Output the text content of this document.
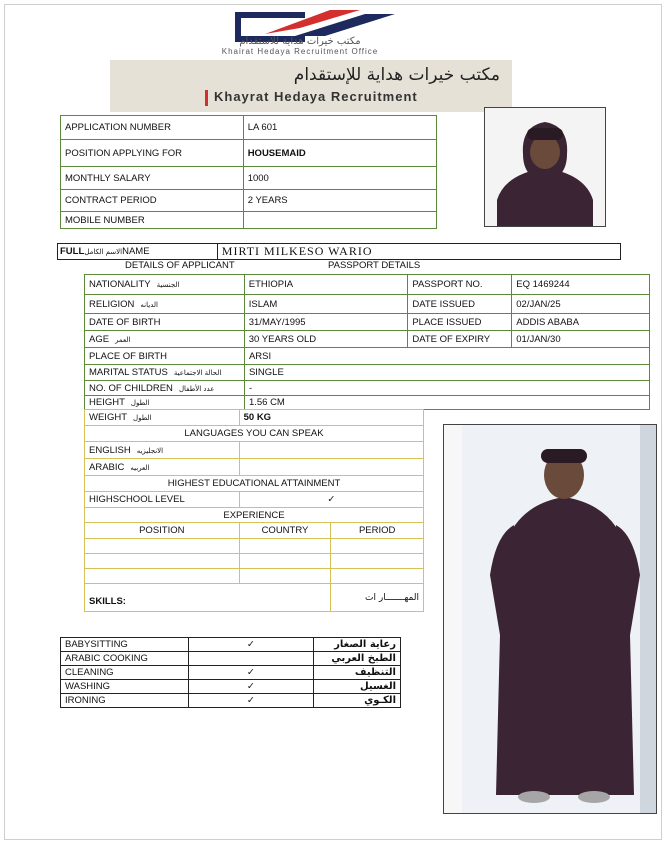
مكتب خيرات هداية للاستقدام
Khairat Hedaya Recruitment Office
مكتب خيرات هداية للإستقدام
Khayrat Hedaya Recruitment
APPLICATION NUMBER	LA 601
POSITION APPLYING FOR	HOUSEMAID
MONTHLY SALARY	1000
CONTRACT PERIOD	2 YEARS
MOBILE NUMBER	
FULLالاسم الكاملNAME	MIRTI MILKESO WARIO
DETAILS OF APPLICANT	PASSPORT DETAILS
NATIONALITY الجنسية	ETHIOPIA	PASSPORT NO.	EQ 1469244
RELIGION الديانه	ISLAM	DATE ISSUED	02/JAN/25
DATE OF BIRTH	31/MAY/1995	PLACE ISSUED	ADDIS ABABA
AGE العمر	30 YEARS OLD	DATE OF EXPIRY	01/JAN/30
PLACE OF BIRTH	ARSI
MARITAL STATUS الحالة الاجتماعية	SINGLE
NO. OF CHILDREN عدد الأطفال	-
HEIGHT الطول	1.56 CM
WEIGHT الطول	50 KG	
LANGUAGES YOU CAN SPEAK		
ENGLISH الانجليزيه		
ARABIC العربيه		
HIGHEST EDUCATIONAL ATTAINMENT		
HIGHSCHOOL LEVEL	✓	
EXPERIENCE		
POSITION	COUNTRY	PERIOD

SKILLS:		المهـــــــار ات
BABYSITTING	✓	رعاية الصغار
ARABIC COOKING		الطبخ العربي
CLEANING	✓	التنظيف
WASHING	✓	الغسيل
IRONING	✓	الكـوي
